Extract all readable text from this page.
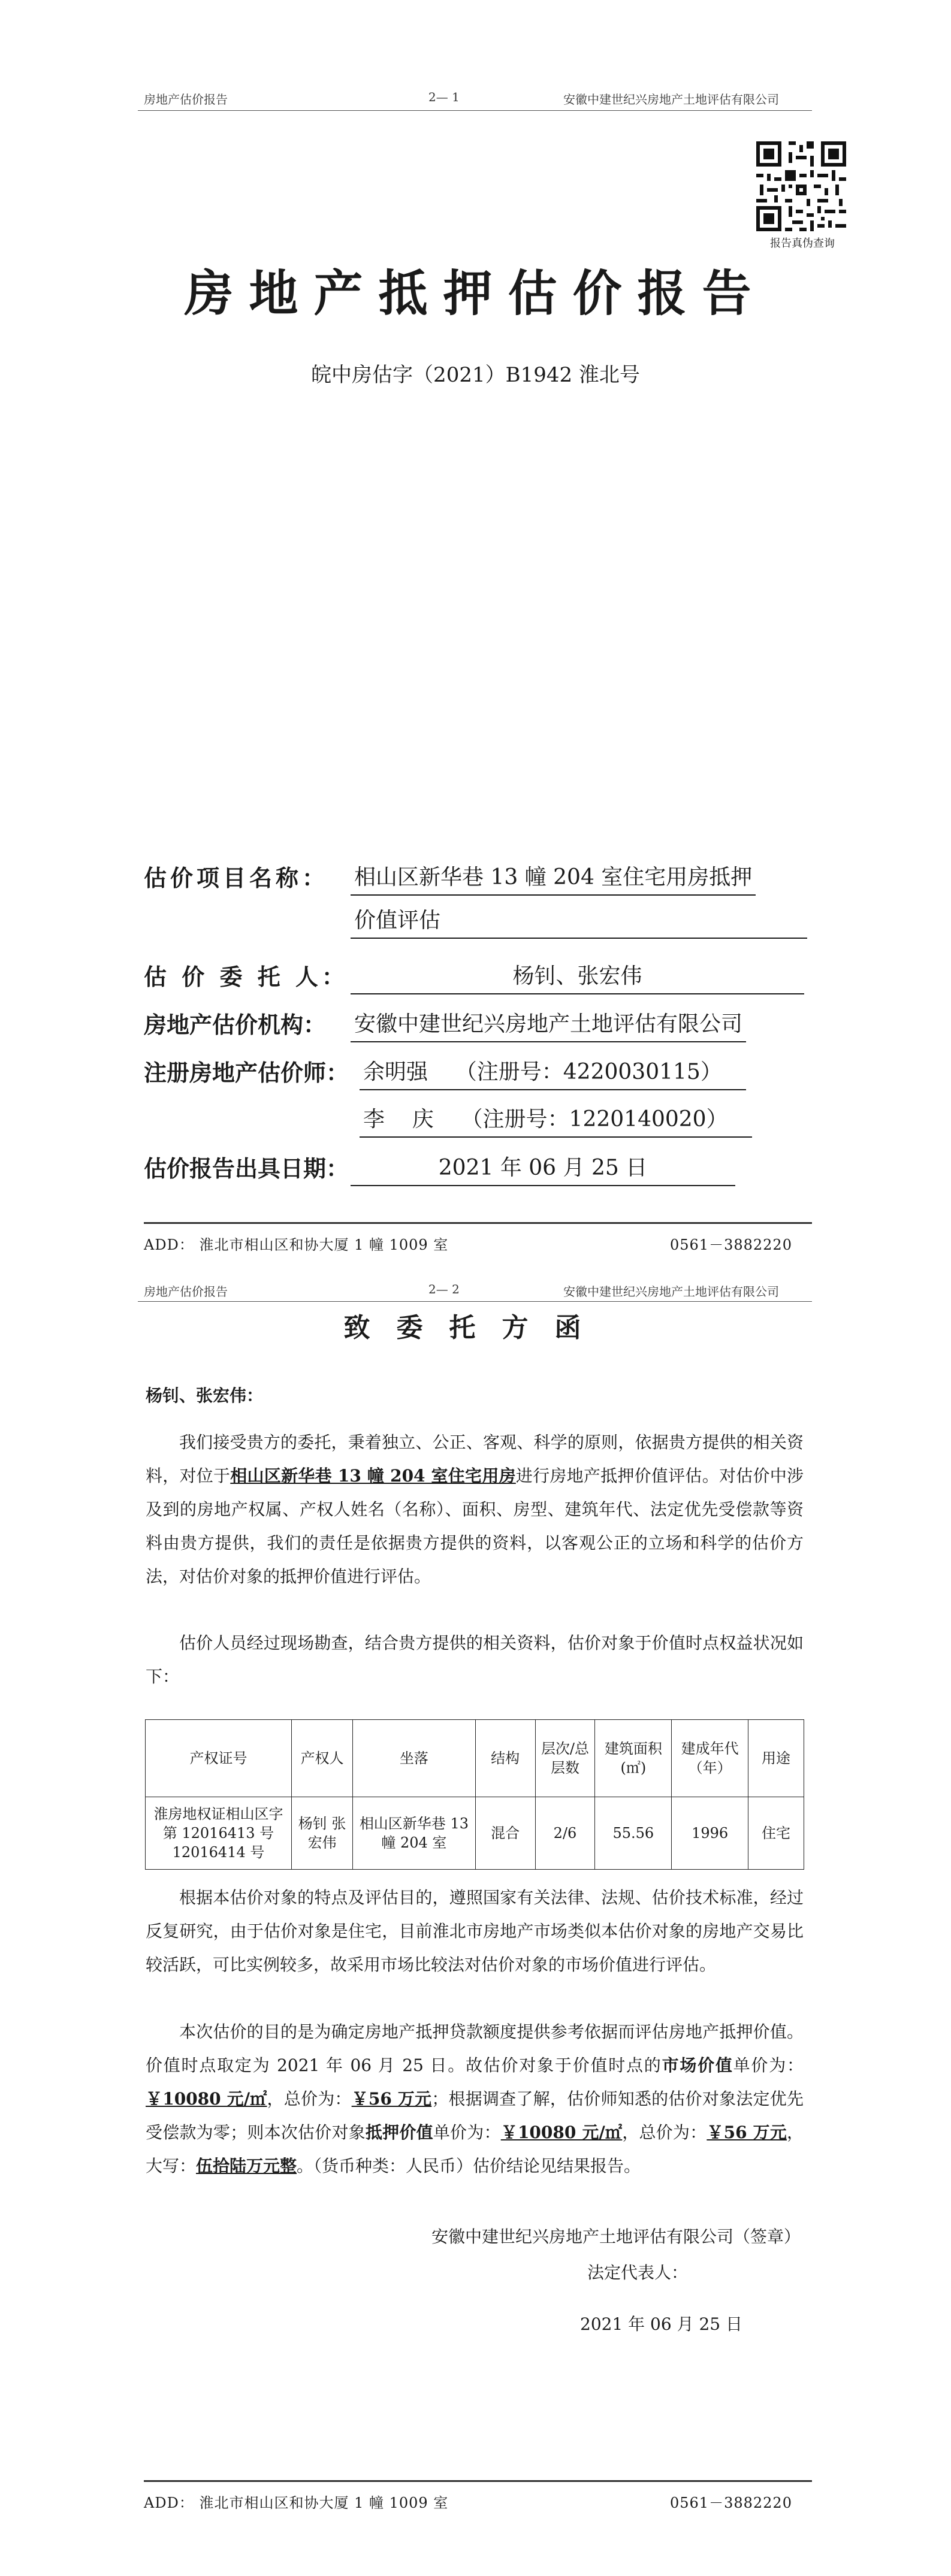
房地产估价报告	2— 1	安徽中建世纪兴房地产土地评估有限公司
报告真伪查询
房地产抵押估价报告
皖中房估字（2021）B1942 淮北号
估价项目名称： 相山区新华巷 13 幢 204 室住宅用房抵押
价值评估
估 价 委 托 人：	杨钊、张宏伟
房地产估价机构： 安徽中建世纪兴房地产土地评估有限公司
注册房地产估价师： 余明强    （注册号：4220030115）
李    庆    （注册号：1220140020）
估价报告出具日期：	2021 年 06 月 25 日
ADD： 淮北市相山区和协大厦 1 幢 1009 室	0561－3882220
房地产估价报告	2— 2	安徽中建世纪兴房地产土地评估有限公司
致委托方函
杨钊、张宏伟：
我们接受贵方的委托，秉着独立、公正、客观、科学的原则，依据贵方提供的相关资料，对位于相山区新华巷 13 幢 204 室住宅用房进行房地产抵押价值评估。对估价中涉及到的房地产权属、产权人姓名（名称）、面积、房型、建筑年代、法定优先受偿款等资料由贵方提供，我们的责任是依据贵方提供的资料，以客观公正的立场和科学的估价方法，对估价对象的抵押价值进行评估。
估价人员经过现场勘查，结合贵方提供的相关资料，估价对象于价值时点权益状况如下：
产权证号	产权人	坐落	结构	层次/总层数	建筑面积(㎡)	建成年代（年）	用途
淮房地权证相山区字第 12016413 号 12016414 号	杨钊 张宏伟	相山区新华巷 13 幢 204 室	混合	2/6	55.56	1996	住宅
根据本估价对象的特点及评估目的，遵照国家有关法律、法规、估价技术标准，经过反复研究，由于估价对象是住宅，目前淮北市房地产市场类似本估价对象的房地产交易比较活跃，可比实例较多，故采用市场比较法对估价对象的市场价值进行评估。
本次估价的目的是为确定房地产抵押贷款额度提供参考依据而评估房地产抵押价值。价值时点取定为 2021 年 06 月 25 日。故估价对象于价值时点的市场价值单价为：￥10080 元/㎡，总价为：￥56 万元；根据调查了解，估价师知悉的估价对象法定优先受偿款为零；则本次估价对象抵押价值单价为：￥10080 元/㎡，总价为：￥56 万元，大写：伍拾陆万元整。（货币种类：人民币）估价结论见结果报告。
安徽中建世纪兴房地产土地评估有限公司（签章）
法定代表人：
2021 年 06 月 25 日
ADD： 淮北市相山区和协大厦 1 幢 1009 室	0561－3882220
